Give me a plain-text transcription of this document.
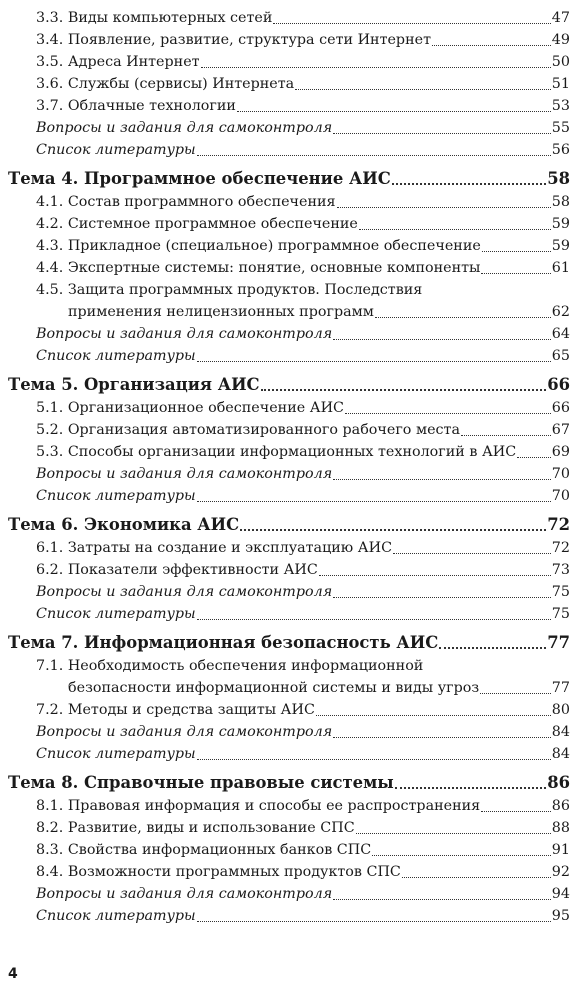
3.3. Виды компьютерных сетей	47
3.4. Появление, развитие, структура сети Интернет	49
3.5. Адреса Интернет	50
3.6. Службы (сервисы) Интернета	51
3.7. Облачные технологии	53
Вопросы и задания для самоконтроля	55
Список литературы	56
Тема 4. Программное обеспечение АИС	58
4.1. Состав программного обеспечения	58
4.2. Системное программное обеспечение	59
4.3. Прикладное (специальное) программное обеспечение	59
4.4. Экспертные системы: понятие, основные компоненты	61
4.5. Защита программных продуктов. Последствия
применения нелицензионных программ	62
Вопросы и задания для самоконтроля	64
Список литературы	65
Тема 5. Организация АИС	66
5.1. Организационное обеспечение АИС	66
5.2. Организация автоматизированного рабочего места	67
5.3. Способы организации информационных технологий в АИС 69
Вопросы и задания для самоконтроля	70
Список литературы	70
Тема 6. Экономика АИС	72
6.1. Затраты на создание и эксплуатацию АИС	72
6.2. Показатели эффективности АИС	73
Вопросы и задания для самоконтроля	75
Список литературы	75
Тема 7. Информационная безопасность АИС	77
7.1. Необходимость обеспечения информационной
безопасности информационной системы и виды угроз	77
7.2. Методы и средства защиты АИС	80
Вопросы и задания для самоконтроля	84
Список литературы	84
Тема 8. Справочные правовые системы	86
8.1. Правовая информация и способы ее распространения	86
8.2. Развитие, виды и использование СПС	88
8.3. Свойства информационных банков СПС	91
8.4. Возможности программных продуктов СПС	92
Вопросы и задания для самоконтроля	94
Список литературы	95
4
